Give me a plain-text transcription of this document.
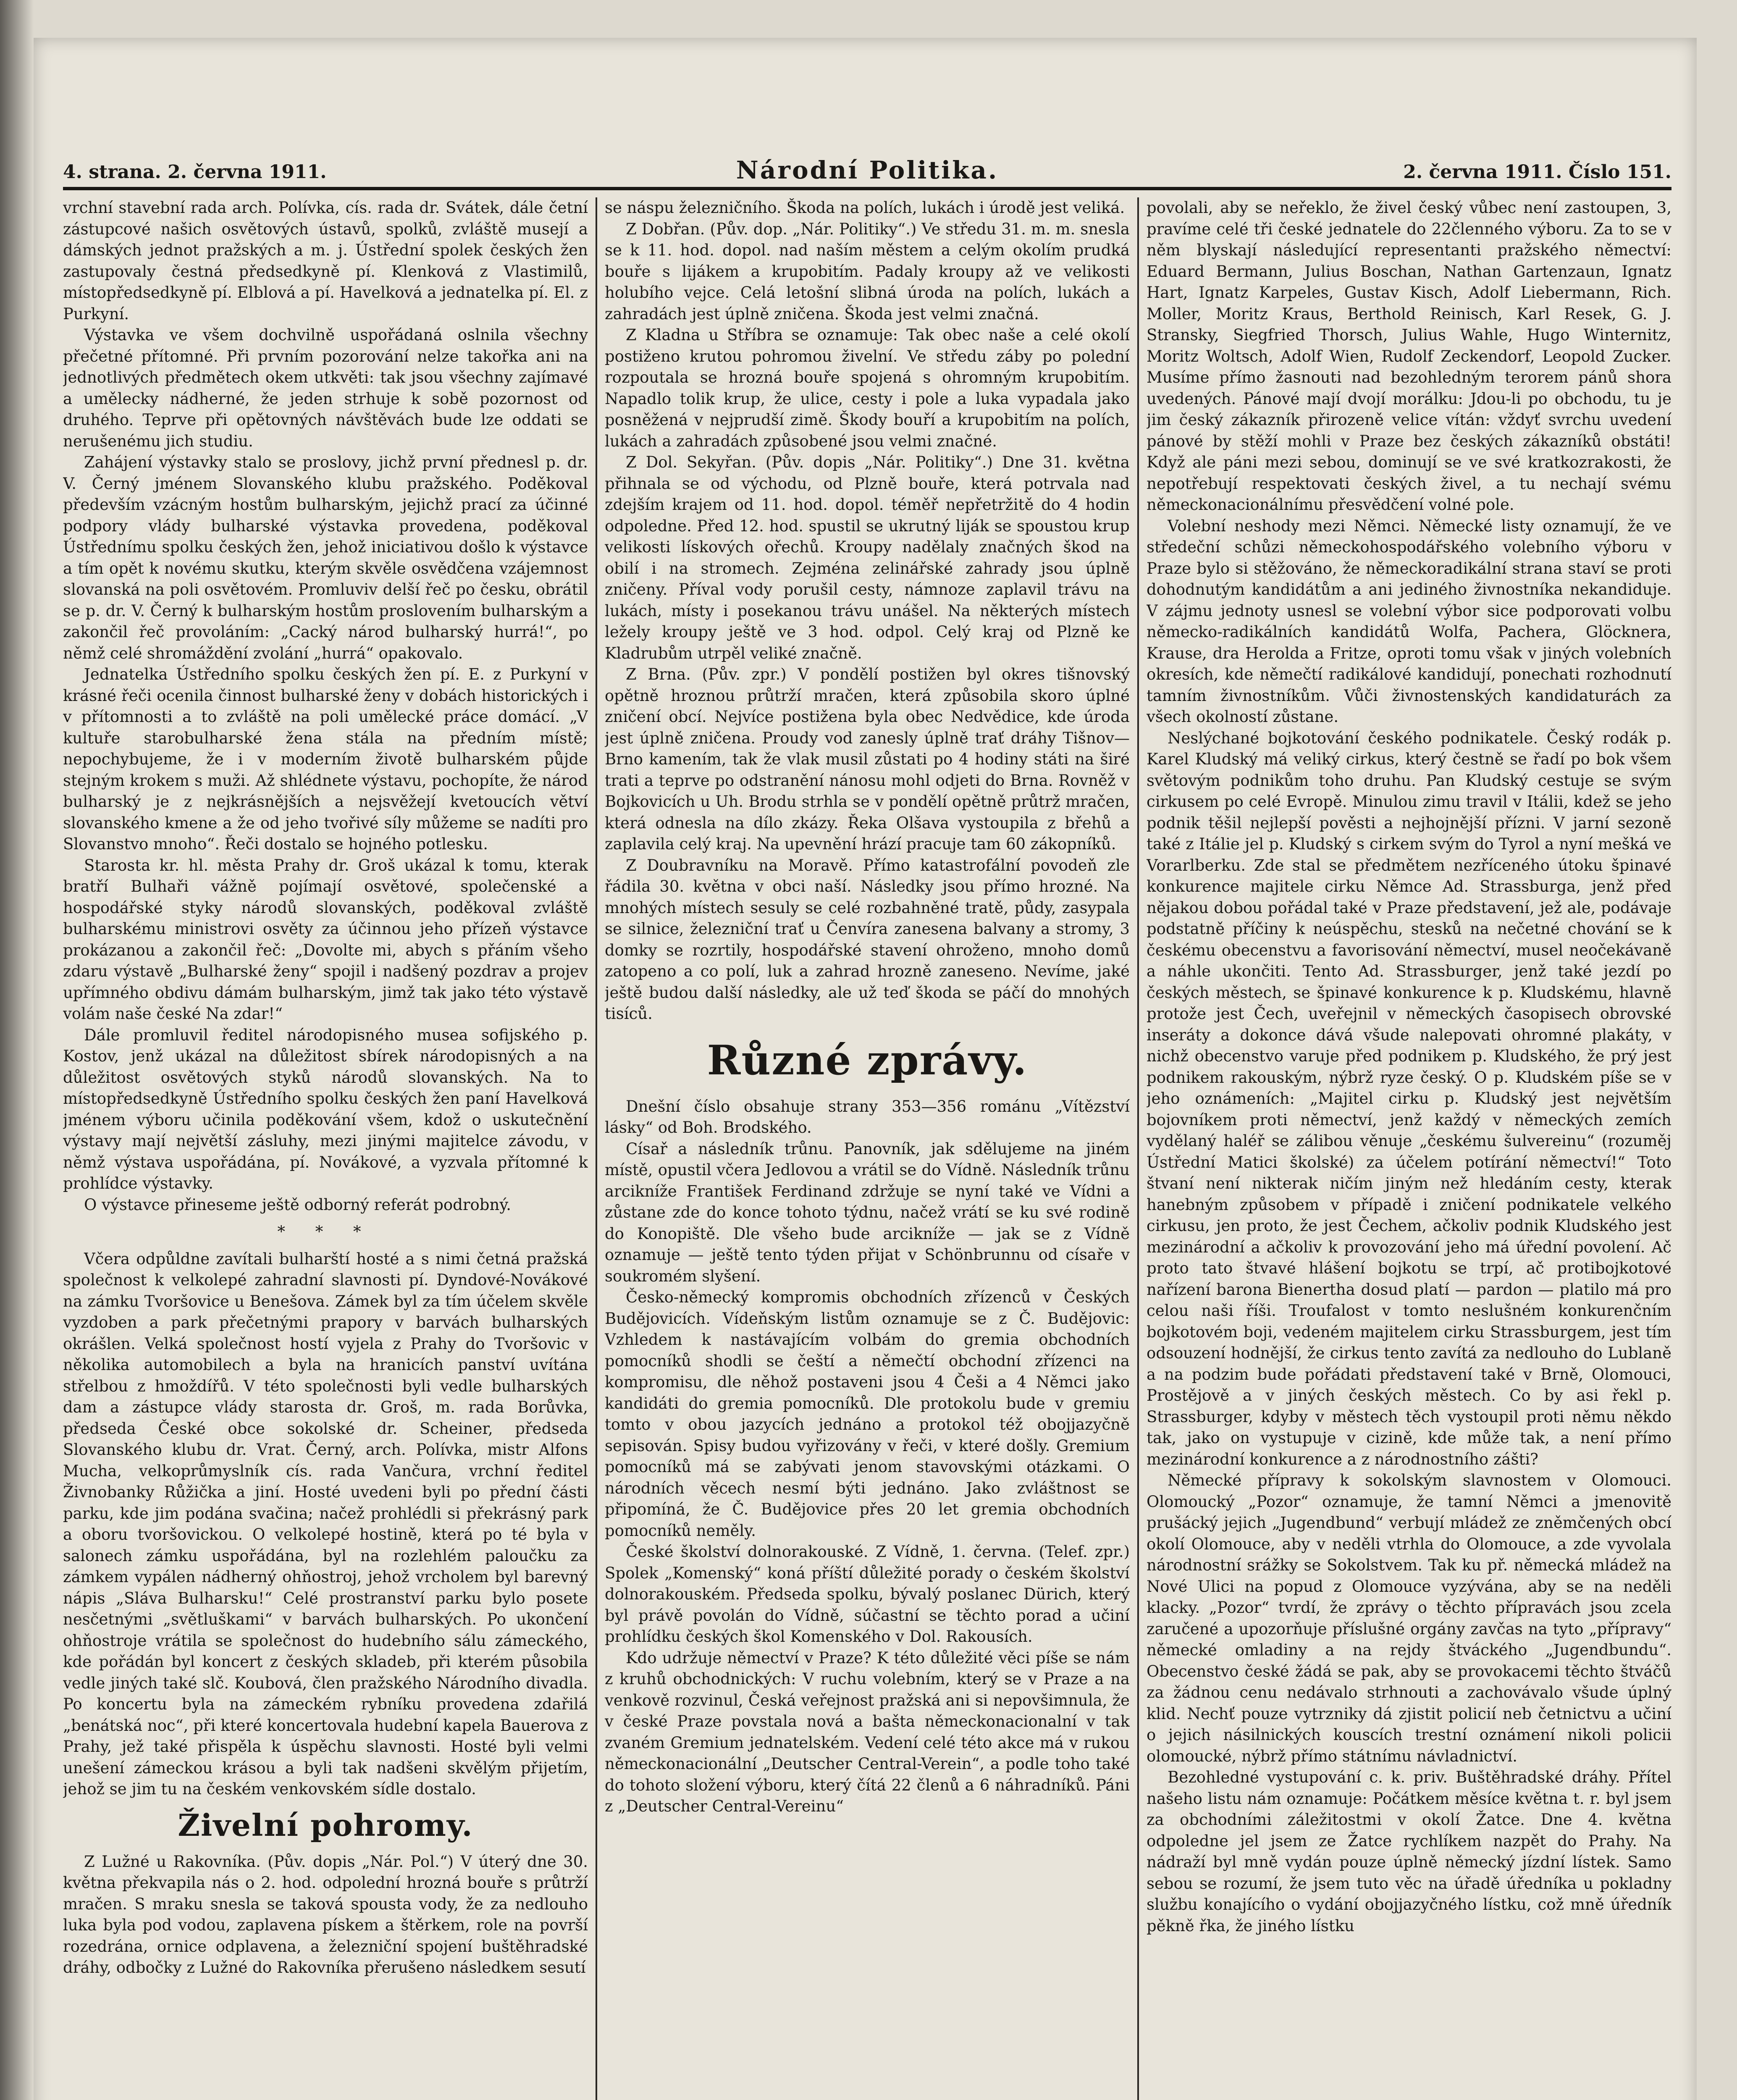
4. strana. 2. června 1911.	Národní Politika.	2. června 1911. Číslo 151.

vrchní stavební rada arch. Polívka, cís. rada dr. Svátek, dále četní zástupcové našich osvětových ústavů, spolků, zvláště musejí a dámských jednot pražských a m. j. Ústřední spolek českých žen zastupovaly čestná předsedkyně pí. Klenková z Vlastimilů, místopředsedkyně pí. Elblová a pí. Havelková a jednatelka pí. El. z Purkyní.

Výstavka ve všem dochvilně uspořádaná oslnila všechny přečetné přítomné. Při prvním pozorování nelze takořka ani na jednotlivých předmětech okem utkvěti: tak jsou všechny zajímavé a umělecky nádherné, že jeden strhuje k sobě pozornost od druhého. Teprve při opětovných návštěvách bude lze oddati se nerušenému jich studiu.

Zahájení výstavky stalo se proslovy, jichž první přednesl p. dr. V. Černý jménem Slovanského klubu pražského. Poděkoval především vzácným hostům bulharským, jejichž prací za účinné podpory vlády bulharské výstavka provedena, poděkoval Ústřednímu spolku českých žen, jehož iniciativou došlo k výstavce a tím opět k novému skutku, kterým skvěle osvědčena vzájemnost slovanská na poli osvětovém. Promluviv delší řeč po česku, obrátil se p. dr. V. Černý k bulharským hostům proslovením bulharským a zakončil řeč provoláním: „Cacký národ bulharský hurrá!“, po němž celé shromáždění zvolání „hurrá“ opakovalo.

Jednatelka Ústředního spolku českých žen pí. E. z Purkyní v krásné řeči ocenila činnost bulharské ženy v dobách historických i v přítomnosti a to zvláště na poli umělecké práce domácí. „V kultuře starobulharské žena stála na předním místě; nepochybujeme, že i v moderním životě bulharském půjde stejným krokem s muži. Až shlédnete výstavu, pochopíte, že národ bulharský je z nejkrásnějších a nejsvěžejí kvetoucích větví slovanského kmene a že od jeho tvořivé síly můžeme se nadíti pro Slovanstvo mnoho“. Řeči dostalo se hojného potlesku.

Starosta kr. hl. města Prahy dr. Groš ukázal k tomu, kterak bratří Bulhaři vážně pojímají osvětové, společenské a hospodářské styky národů slovanských, poděkoval zvláště bulharskému ministrovi osvěty za účinnou jeho přízeň výstavce prokázanou a zakončil řeč: „Dovolte mi, abych s přáním všeho zdaru výstavě „Bulharské ženy“ spojil i nadšený pozdrav a projev upřímného obdivu dámám bulharským, jimž tak jako této výstavě volám naše české Na zdar!“

Dále promluvil ředitel národopisného musea sofijského p. Kostov, jenž ukázal na důležitost sbírek národopisných a na důležitost osvětových styků národů slovanských. Na to místopředsedkyně Ústředního spolku českých žen paní Havelková jménem výboru učinila poděkování všem, kdož o uskutečnění výstavy mají největší zásluhy, mezi jinými majitelce závodu, v němž výstava uspořádána, pí. Novákové, a vyzvala přítomné k prohlídce výstavky.

O výstavce přineseme ještě odborný referát podrobný.

* * *

Včera odpůldne zavítali bulharští hosté a s nimi četná pražská společnost k velkolepé zahradní slavnosti pí. Dyndové-Novákové na zámku Tvoršovice u Benešova. Zámek byl za tím účelem skvěle vyzdoben a park přečetnými prapory v barvách bulharských okrášlen. Velká společnost hostí vyjela z Prahy do Tvoršovic v několika automobilech a byla na hranicích panství uvítána střelbou z hmoždířů. V této společnosti byli vedle bulharských dam a zástupce vlády starosta dr. Groš, m. rada Borůvka, předseda České obce sokolské dr. Scheiner, předseda Slovanského klubu dr. Vrat. Černý, arch. Polívka, mistr Alfons Mucha, velkoprůmyslník cís. rada Vančura, vrchní ředitel Živnobanky Růžička a jiní. Hosté uvedeni byli po přední části parku, kde jim podána svačina; načež prohlédli si překrásný park a oboru tvoršovickou. O velkolepé hostině, která po té byla v salonech zámku uspořádána, byl na rozlehlém paloučku za zámkem vypálen nádherný ohňostroj, jehož vrcholem byl barevný nápis „Sláva Bulharsku!“ Celé prostranství parku bylo posete nesčetnými „světluškami“ v barvách bulharských. Po ukončení ohňostroje vrátila se společnost do hudebního sálu zámeckého, kde pořádán byl koncert z českých skladeb, při kterém působila vedle jiných také slč. Koubová, člen pražského Národního divadla. Po koncertu byla na zámeckém rybníku provedena zdařilá „benátská noc“, při které koncertovala hudební kapela Bauerova z Prahy, jež také přispěla k úspěchu slavnosti. Hosté byli velmi unešení zámeckou krásou a byli tak nadšeni skvělým přijetím, jehož se jim tu na českém venkovském sídle dostalo.

Živelní pohromy.

Z Lužné u Rakovníka. (Pův. dopis „Nár. Pol.“) V úterý dne 30. května překvapila nás o 2. hod. odpolední hrozná bouře s průtrží mračen. S mraku snesla se taková spousta vody, že za nedlouho luka byla pod vodou, zaplavena pískem a štěrkem, role na površí rozedrána, ornice odplavena, a železniční spojení buštěhradské dráhy, odbočky z Lužné do Rakovníka přerušeno následkem sesutí

se náspu železničního. Škoda na polích, lukách i úrodě jest veliká.

Z Dobřan. (Pův. dop. „Nár. Politiky“.) Ve středu 31. m. m. snesla se k 11. hod. dopol. nad naším městem a celým okolím prudká bouře s lijákem a krupobitím. Padaly kroupy až ve velikosti holubího vejce. Celá letošní slibná úroda na polích, lukách a zahradách jest úplně zničena. Škoda jest velmi značná.

Z Kladna u Stříbra se oznamuje: Tak obec naše a celé okolí postiženo krutou pohromou živelní. Ve středu záby po polední rozpoutala se hrozná bouře spojená s ohromným krupobitím. Napadlo tolik krup, že ulice, cesty i pole a luka vypadala jako posněžená v nejprudší zimě. Škody bouří a krupobitím na polích, lukách a zahradách způsobené jsou velmi značné.

Z Dol. Sekyřan. (Pův. dopis „Nár. Politiky“.) Dne 31. května přihnala se od východu, od Plzně bouře, která potrvala nad zdejším krajem od 11. hod. dopol. téměř nepřetržitě do 4 hodin odpoledne. Před 12. hod. spustil se ukrutný liják se spoustou krup velikosti lískových ořechů. Kroupy nadělaly značných škod na obilí i na stromech. Zejména zelinářské zahrady jsou úplně zničeny. Příval vody porušil cesty, námnoze zaplavil trávu na lukách, místy i posekanou trávu unášel. Na některých místech ležely kroupy ještě ve 3 hod. odpol. Celý kraj od Plzně ke Kladrubům utrpěl veliké značně.

Z Brna. (Pův. zpr.) V pondělí postižen byl okres tišnovský opětně hroznou průtrží mračen, která způsobila skoro úplné zničení obcí. Nejvíce postižena byla obec Nedvědice, kde úroda jest úplně zničena. Proudy vod zanesly úplně trať dráhy Tišnov—Brno kamením, tak že vlak musil zůstati po 4 hodiny státi na širé trati a teprve po odstranění nánosu mohl odjeti do Brna. Rovněž v Bojkovicích u Uh. Brodu strhla se v pondělí opětně průtrž mračen, která odnesla na dílo zkázy. Řeka Olšava vystoupila z břehů a zaplavila celý kraj. Na upevnění hrází pracuje tam 60 zákopníků.

Z Doubravníku na Moravě. Přímo katastrofální povodeň zle řádila 30. května v obci naší. Následky jsou přímo hrozné. Na mnohých místech sesuly se celé rozbahněné tratě, půdy, zasypala se silnice, železniční trať u Čenvíra zanesena balvany a stromy, 3 domky se rozrtily, hospodářské stavení ohroženo, mnoho domů zatopeno a co polí, luk a zahrad hrozně zaneseno. Nevíme, jaké ještě budou další následky, ale už teď škoda se páčí do mnohých tisíců.

Různé zprávy.

Dnešní číslo obsahuje strany 353—356 románu „Vítězství lásky“ od Boh. Brodského.

Císař a následník trůnu. Panovník, jak sdělujeme na jiném místě, opustil včera Jedlovou a vrátil se do Vídně. Následník trůnu arcikníže František Ferdinand zdržuje se nyní také ve Vídni a zůstane zde do konce tohoto týdnu, načež vrátí se ku své rodině do Konopiště. Dle všeho bude arcikníže — jak se z Vídně oznamuje — ještě tento týden přijat v Schönbrunnu od císaře v soukromém slyšení.

Česko-německý kompromis obchodních zřízenců v Českých Budějovicích. Vídeňským listům oznamuje se z Č. Budějovic: Vzhledem k nastávajícím volbám do gremia obchodních pomocníků shodli se čeští a němečtí obchodní zřízenci na kompromisu, dle něhož postaveni jsou 4 Češi a 4 Němci jako kandidáti do gremia pomocníků. Dle protokolu bude v gremiu tomto v obou jazycích jednáno a protokol též obojjazyčně sepisován. Spisy budou vyřizovány v řeči, v které došly. Gremium pomocníků má se zabývati jenom stavovskými otázkami. O národních věcech nesmí býti jednáno. Jako zvláštnost se připomíná, že Č. Budějovice přes 20 let gremia obchodních pomocníků neměly.

České školství dolnorakouské. Z Vídně, 1. června. (Telef. zpr.) Spolek „Komenský“ koná příští důležité porady o českém školství dolnorakouském. Předseda spolku, bývalý poslanec Dürich, který byl právě povolán do Vídně, súčastní se těchto porad a učiní prohlídku českých škol Komenského v Dol. Rakousích.

Kdo udržuje němectví v Praze? K této důležité věci píše se nám z kruhů obchodnických: V ruchu volebním, který se v Praze a na venkově rozvinul, Česká veřejnost pražská ani si nepovšimnula, že v české Praze povstala nová a bašta německonacionalní v tak zvaném Gremium jednatelském. Vedení celé této akce má v rukou německonacionální „Deutscher Central-Verein“, a podle toho také do tohoto složení výboru, který čítá 22 členů a 6 náhradníků. Páni z „Deutscher Central-Vereinu“

povolali, aby se neřeklo, že živel český vůbec není zastoupen, 3, pravíme celé tři české jednatele do 22členného výboru. Za to se v něm blyskají následující representanti pražského němectví: Eduard Bermann, Julius Boschan, Nathan Gartenzaun, Ignatz Hart, Ignatz Karpeles, Gustav Kisch, Adolf Liebermann, Rich. Moller, Moritz Kraus, Berthold Reinisch, Karl Resek, G. J. Stransky, Siegfried Thorsch, Julius Wahle, Hugo Winternitz, Moritz Woltsch, Adolf Wien, Rudolf Zeckendorf, Leopold Zucker. Musíme přímo žasnouti nad bezohledným terorem pánů shora uvedených. Pánové mají dvojí morálku: Jdou-li po obchodu, tu je jim český zákazník přirozeně velice vítán: vždyť svrchu uvedení pánové by stěží mohli v Praze bez českých zákazníků obstáti! Když ale páni mezi sebou, dominují se ve své kratkozrakosti, že nepotřebují respektovati českých živel, a tu nechají svému německonacionálnímu přesvědčení volné pole.

Volební neshody mezi Němci. Německé listy oznamují, že ve středeční schůzi německohospodářského volebního výboru v Praze bylo si stěžováno, že německoradikální strana staví se proti dohodnutým kandidátům a ani jediného živnostníka nekandiduje. V zájmu jednoty usnesl se volební výbor sice podporovati volbu německo-radikálních kandidátů Wolfa, Pachera, Glöcknera, Krause, dra Herolda a Fritze, oproti tomu však v jiných volebních okresích, kde němečtí radikálové kandidují, ponechati rozhodnutí tamním živnostníkům. Vůči živnostenských kandidaturách za všech okolností zůstane.

Neslýchané bojkotování českého podnikatele. Český rodák p. Karel Kludský má veliký cirkus, který čestně se řadí po bok všem světovým podnikům toho druhu. Pan Kludský cestuje se svým cirkusem po celé Evropě. Minulou zimu travil v Itálii, kdež se jeho podnik těšil nejlepší pověsti a nejhojnější přízni. V jarní sezoně také z Itálie jel p. Kludský s cirkem svým do Tyrol a nyní mešká ve Vorarlberku. Zde stal se předmětem nezříceného útoku špinavé konkurence majitele cirku Němce Ad. Strassburga, jenž před nějakou dobou pořádal také v Praze představení, jež ale, podávaje podstatně příčiny k neúspěchu, stesků na nečetné chování se k českému obecenstvu a favorisování němectví, musel neočekávaně a náhle ukončiti. Tento Ad. Strassburger, jenž také jezdí po českých městech, se špinavé konkurence k p. Kludskému, hlavně protože jest Čech, uveřejnil v německých časopisech obrovské inseráty a dokonce dává všude nalepovati ohromné plakáty, v nichž obecenstvo varuje před podnikem p. Kludského, že prý jest podnikem rakouským, nýbrž ryze český. O p. Kludském píše se v jeho oznámeních: „Majitel cirku p. Kludský jest největším bojovníkem proti němectví, jenž každý v německých zemích vydělaný haléř se zálibou věnuje „českému šulvereinu“ (rozuměj Ústřední Matici školské) za účelem potírání němectví!“ Toto štvaní není nikterak ničím jiným než hledáním cesty, kterak hanebným způsobem v případě i zničení podnikatele velkého cirkusu, jen proto, že jest Čechem, ačkoliv podnik Kludského jest mezinárodní a ačkoliv k provozování jeho má úřední povolení. Ač proto tato štvavé hlášení bojkotu se trpí, ač protibojkotové nařízení barona Bienertha dosud platí — pardon — platilo má pro celou naši říši. Troufalost v tomto neslušném konkurenčním bojkotovém boji, vedeném majitelem cirku Strassburgem, jest tím odsouzení hodnější, že cirkus tento zavítá za nedlouho do Lublaně a na podzim bude pořádati představení také v Brně, Olomouci, Prostějově a v jiných českých městech. Co by asi řekl p. Strassburger, kdyby v městech těch vystoupil proti němu někdo tak, jako on vystupuje v cizině, kde může tak, a není přímo mezinárodní konkurence a z národnostního zášti?

Německé přípravy k sokolským slavnostem v Olomouci. Olomoucký „Pozor“ oznamuje, že tamní Němci a jmenovitě prušácký jejich „Jugendbund“ verbují mládež ze zněmčených obcí okolí Olomouce, aby v neděli vtrhla do Olomouce, a zde vyvolala národnostní srážky se Sokolstvem. Tak ku př. německá mládež na Nové Ulici na popud z Olomouce vyzývána, aby se na neděli klacky. „Pozor“ tvrdí, že zprávy o těchto přípravách jsou zcela zaručené a upozorňuje příslušné orgány zavčas na tyto „přípravy“ německé omladiny a na rejdy štváckého „Jugendbundu“. Obecenstvo české žádá se pak, aby se provokacemi těchto štváčů za žádnou cenu nedávalo strhnouti a zachovávalo všude úplný klid. Nechť pouze vytrzniky dá zjistit policií neb četnictvu a učiní o jejich násilnických kouscích trestní oznámení nikoli policii olomoucké, nýbrž přímo státnímu návladnictví.

Bezohledné vystupování c. k. priv. Buštěhradské dráhy. Přítel našeho listu nám oznamuje: Počátkem měsíce května t. r. byl jsem za obchodními záležitostmi v okolí Žatce. Dne 4. května odpoledne jel jsem ze Žatce rychlíkem nazpět do Prahy. Na nádraží byl mně vydán pouze úplně německý jízdní lístek. Samo sebou se rozumí, že jsem tuto věc na úřadě úředníka u pokladny službu konajícího o vydání obojjazyčného lístku, což mně úředník pěkně řka, že jiného lístku
